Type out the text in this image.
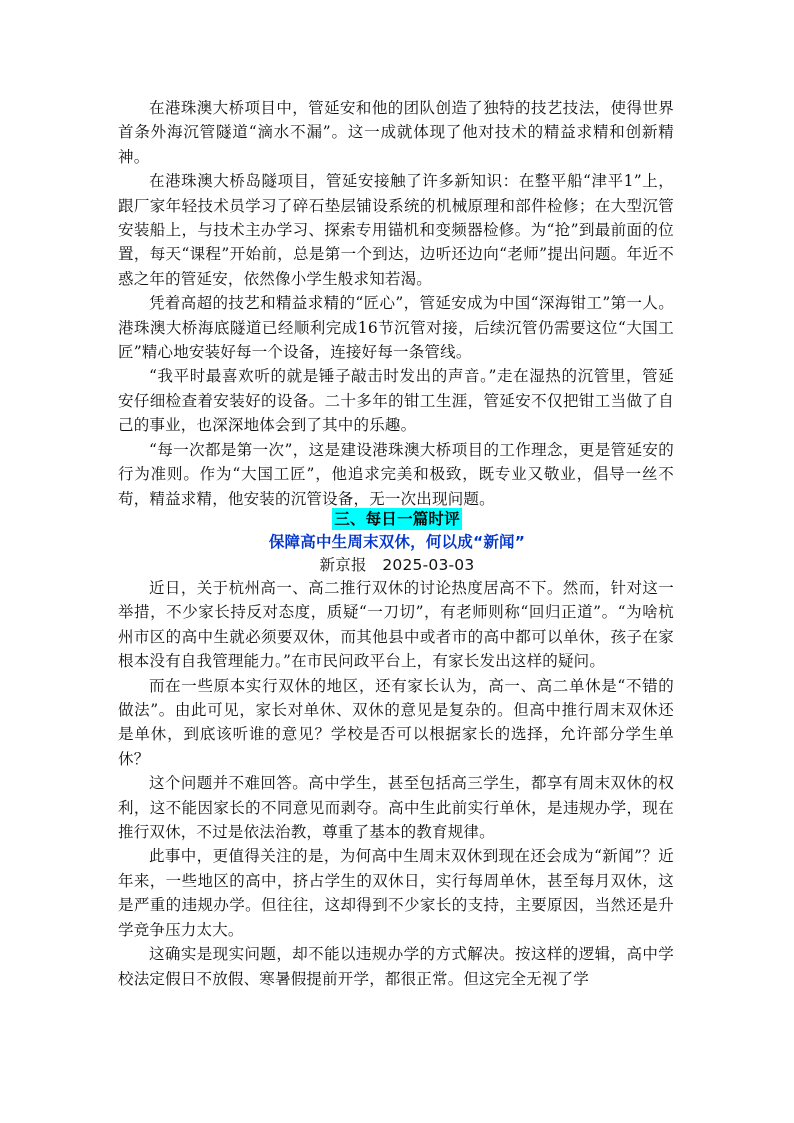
在港珠澳大桥项目中，管延安和他的团队创造了独特的技艺技法，使得世界首条外海沉管隧道“滴水不漏”。这一成就体现了他对技术的精益求精和创新精神。

在港珠澳大桥岛隧项目，管延安接触了许多新知识：在整平船“津平1”上，跟厂家年轻技术员学习了碎石垫层铺设系统的机械原理和部件检修；在大型沉管安装船上，与技术主办学习、探索专用锚机和变频器检修。为“抢”到最前面的位置，每天“课程”开始前，总是第一个到达，边听还边向“老师”提出问题。年近不惑之年的管延安，依然像小学生般求知若渴。

凭着高超的技艺和精益求精的“匠心”，管延安成为中国“深海钳工”第一人。港珠澳大桥海底隧道已经顺利完成16节沉管对接，后续沉管仍需要这位“大国工匠”精心地安装好每一个设备，连接好每一条管线。

“我平时最喜欢听的就是锤子敲击时发出的声音。”走在湿热的沉管里，管延安仔细检查着安装好的设备。二十多年的钳工生涯，管延安不仅把钳工当做了自己的事业，也深深地体会到了其中的乐趣。

“每一次都是第一次”，这是建设港珠澳大桥项目的工作理念，更是管延安的行为准则。作为“大国工匠”，他追求完美和极致，既专业又敬业，倡导一丝不苟，精益求精，他安装的沉管设备，无一次出现问题。

三、每日一篇时评
保障高中生周末双休，何以成“新闻”
新京报　2025-03-03

近日，关于杭州高一、高二推行双休的讨论热度居高不下。然而，针对这一举措，不少家长持反对态度，质疑“一刀切”，有老师则称“回归正道”。“为啥杭州市区的高中生就必须要双休，而其他县中或者市的高中都可以单休，孩子在家根本没有自我管理能力。”在市民问政平台上，有家长发出这样的疑问。

而在一些原本实行双休的地区，还有家长认为，高一、高二单休是“不错的做法”。由此可见，家长对单休、双休的意见是复杂的。但高中推行周末双休还是单休，到底该听谁的意见？学校是否可以根据家长的选择，允许部分学生单休？

这个问题并不难回答。高中学生，甚至包括高三学生，都享有周末双休的权利，这不能因家长的不同意见而剥夺。高中生此前实行单休，是违规办学，现在推行双休，不过是依法治教，尊重了基本的教育规律。

此事中，更值得关注的是，为何高中生周末双休到现在还会成为“新闻”？近年来，一些地区的高中，挤占学生的双休日，实行每周单休，甚至每月双休，这是严重的违规办学。但往往，这却得到不少家长的支持，主要原因，当然还是升学竞争压力太大。

这确实是现实问题，却不能以违规办学的方式解决。按这样的逻辑，高中学校法定假日不放假、寒暑假提前开学，都很正常。但这完全无视了学
